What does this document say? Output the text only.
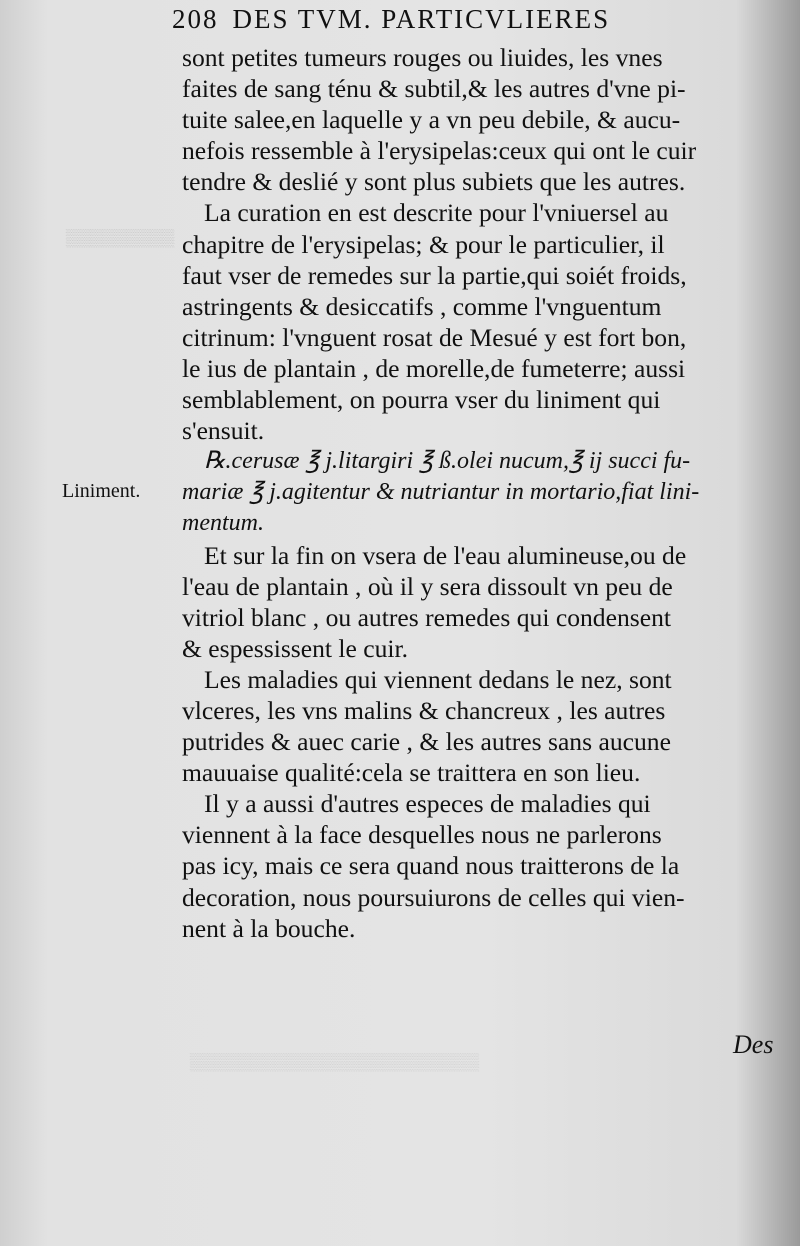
▒▒▒▒▒▒▒▒▒
▒▒▒▒▒▒▒▒▒▒▒▒▒▒▒▒▒▒▒▒▒▒▒▒
208 DES TVM. PARTICVLIERES
Liniment.
sont petites tumeurs rouges ou liuides, les vnes
faites de sang ténu & subtil,& les autres d'vne pi-
tuite salee,en laquelle y a vn peu debile, & aucu-
nefois ressemble à l'erysipelas:ceux qui ont le cuir
tendre & deslié y sont plus subiets que les autres.
La curation en est descrite pour l'vniuersel au
chapitre de l'erysipelas; & pour le particulier, il
faut vser de remedes sur la partie,qui soiét froids,
astringents & desiccatifs , comme l'vnguentum
citrinum: l'vnguent rosat de Mesué y est fort bon,
le ius de plantain , de morelle,de fumeterre; aussi
semblablement, on pourra vser du liniment qui
s'ensuit.
℞.cerusæ ℥ j.litargiri ℥ ß.olei nucum,℥ ij succi fu-
mariæ ℥ j.agitentur & nutriantur in mortario,fiat lini-
mentum.
Et sur la fin on vsera de l'eau alumineuse,ou de
l'eau de plantain , où il y sera dissoult vn peu de
vitriol blanc , ou autres remedes qui condensent
& espessissent le cuir.
Les maladies qui viennent dedans le nez, sont
vlceres, les vns malins & chancreux , les autres
putrides & auec carie , & les autres sans aucune
mauuaise qualité:cela se traittera en son lieu.
Il y a aussi d'autres especes de maladies qui
viennent à la face desquelles nous ne parlerons
pas icy, mais ce sera quand nous traitterons de la
decoration, nous poursuiurons de celles qui vien-
nent à la bouche.
Des
